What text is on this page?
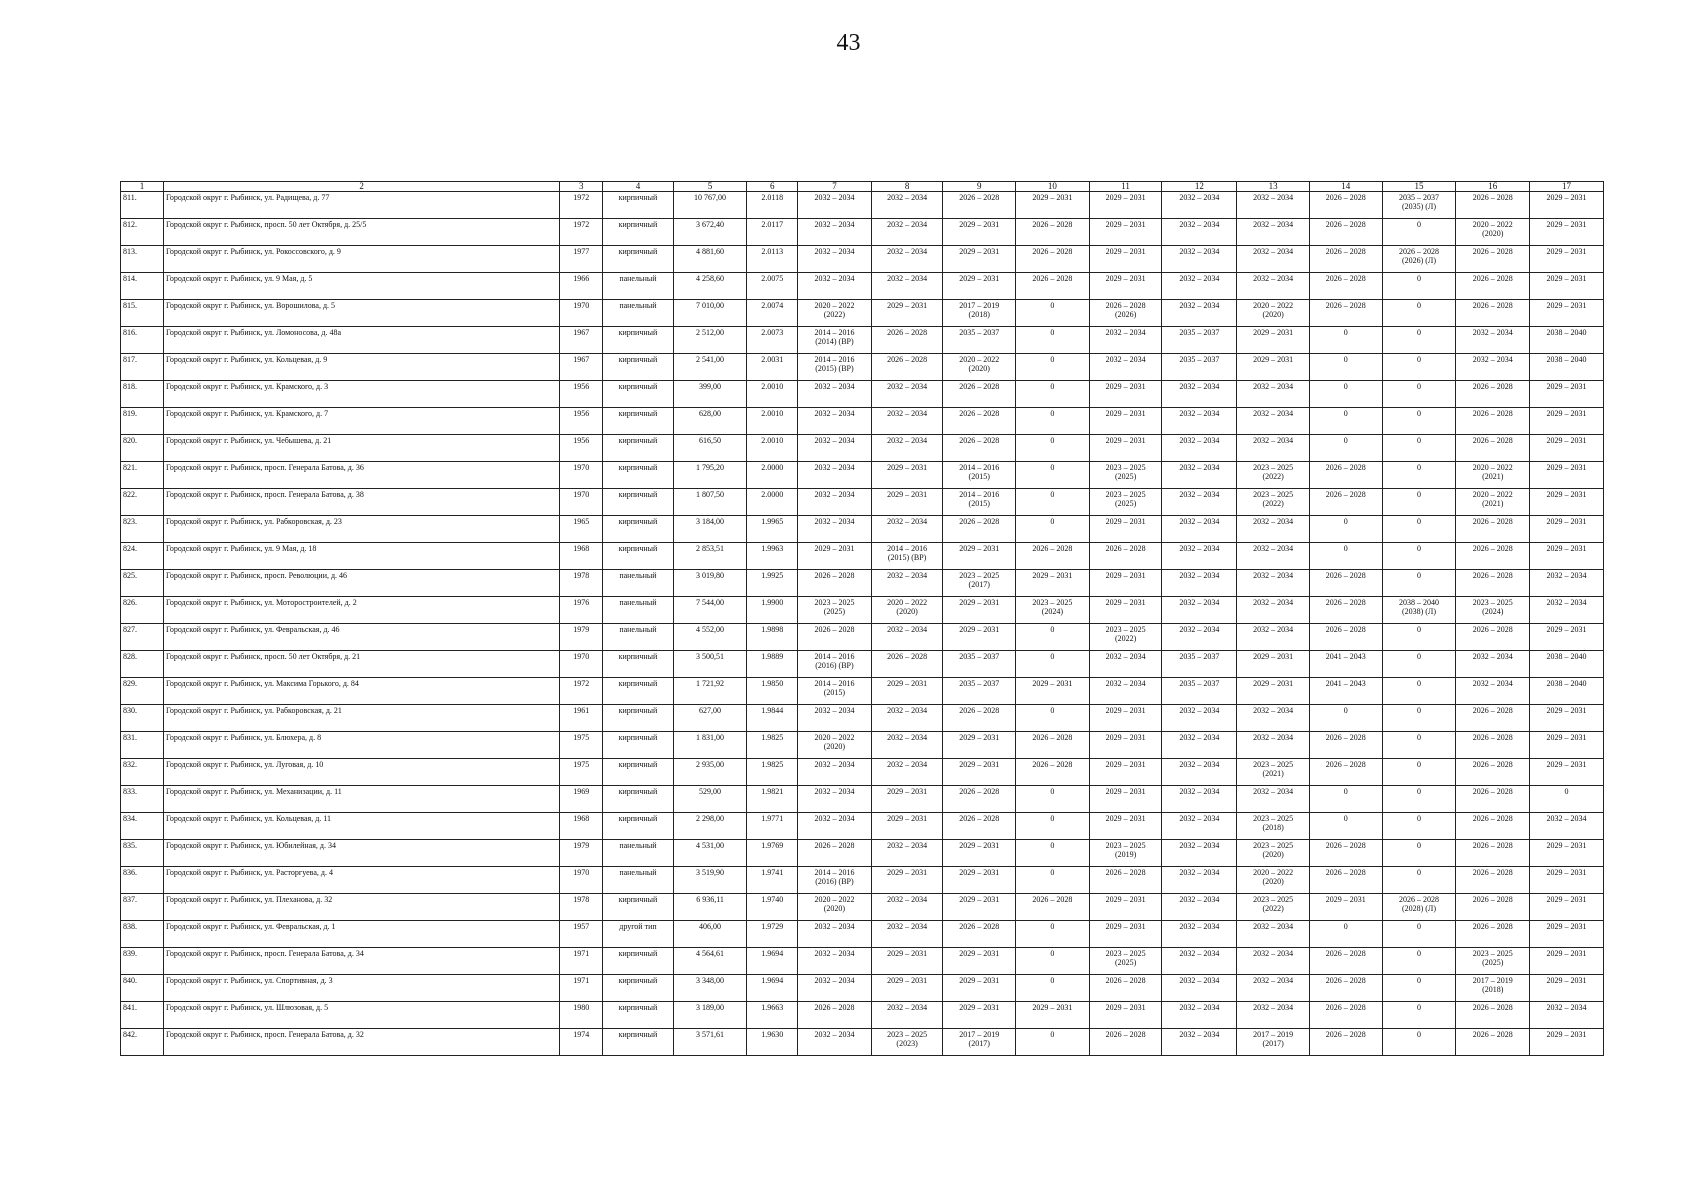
43
1	2	3	4	5	6	7	8	9	10	11	12	13	14	15	16	17
811.	Городской округ г. Рыбинск, ул. Радищева, д. 77	1972	кирпичный	10 767,00	2.0118	2032 – 2034	2032 – 2034	2026 – 2028	2029 – 2031	2029 – 2031	2032 – 2034	2032 – 2034	2026 – 2028	2035 – 2037
(2035) (Л)	2026 – 2028	2029 – 2031
812.	Городской округ г. Рыбинск, просп. 50 лет Октября, д. 25/5	1972	кирпичный	3 672,40	2.0117	2032 – 2034	2032 – 2034	2029 – 2031	2026 – 2028	2029 – 2031	2032 – 2034	2032 – 2034	2026 – 2028	0	2020 – 2022
(2020)	2029 – 2031
813.	Городской округ г. Рыбинск, ул. Рокоссовского, д. 9	1977	кирпичный	4 881,60	2.0113	2032 – 2034	2032 – 2034	2029 – 2031	2026 – 2028	2029 – 2031	2032 – 2034	2032 – 2034	2026 – 2028	2026 – 2028
(2026) (Л)	2026 – 2028	2029 – 2031
814.	Городской округ г. Рыбинск, ул. 9 Мая, д. 5	1966	панельный	4 258,60	2.0075	2032 – 2034	2032 – 2034	2029 – 2031	2026 – 2028	2029 – 2031	2032 – 2034	2032 – 2034	2026 – 2028	0	2026 – 2028	2029 – 2031
815.	Городской округ г. Рыбинск, ул. Ворошилова, д. 5	1970	панельный	7 010,00	2.0074	2020 – 2022
(2022)	2029 – 2031	2017 – 2019
(2018)	0	2026 – 2028
(2026)	2032 – 2034	2020 – 2022
(2020)	2026 – 2028	0	2026 – 2028	2029 – 2031
816.	Городской округ г. Рыбинск, ул. Ломоносова, д. 48а	1967	кирпичный	2 512,00	2.0073	2014 – 2016
(2014) (ВР)	2026 – 2028	2035 – 2037	0	2032 – 2034	2035 – 2037	2029 – 2031	0	0	2032 – 2034	2038 – 2040
817.	Городской округ г. Рыбинск, ул. Кольцевая, д. 9	1967	кирпичный	2 541,00	2.0031	2014 – 2016
(2015) (ВР)	2026 – 2028	2020 – 2022
(2020)	0	2032 – 2034	2035 – 2037	2029 – 2031	0	0	2032 – 2034	2038 – 2040
818.	Городской округ г. Рыбинск, ул. Крамского, д. 3	1956	кирпичный	399,00	2.0010	2032 – 2034	2032 – 2034	2026 – 2028	0	2029 – 2031	2032 – 2034	2032 – 2034	0	0	2026 – 2028	2029 – 2031
819.	Городской округ г. Рыбинск, ул. Крамского, д. 7	1956	кирпичный	628,00	2.0010	2032 – 2034	2032 – 2034	2026 – 2028	0	2029 – 2031	2032 – 2034	2032 – 2034	0	0	2026 – 2028	2029 – 2031
820.	Городской округ г. Рыбинск, ул. Чебышева, д. 21	1956	кирпичный	616,50	2.0010	2032 – 2034	2032 – 2034	2026 – 2028	0	2029 – 2031	2032 – 2034	2032 – 2034	0	0	2026 – 2028	2029 – 2031
821.	Городской округ г. Рыбинск, просп. Генерала Батова, д. 36	1970	кирпичный	1 795,20	2.0000	2032 – 2034	2029 – 2031	2014 – 2016
(2015)	0	2023 – 2025
(2025)	2032 – 2034	2023 – 2025
(2022)	2026 – 2028	0	2020 – 2022
(2021)	2029 – 2031
822.	Городской округ г. Рыбинск, просп. Генерала Батова, д. 38	1970	кирпичный	1 807,50	2.0000	2032 – 2034	2029 – 2031	2014 – 2016
(2015)	0	2023 – 2025
(2025)	2032 – 2034	2023 – 2025
(2022)	2026 – 2028	0	2020 – 2022
(2021)	2029 – 2031
823.	Городской округ г. Рыбинск, ул. Рабкоровская, д. 23	1965	кирпичный	3 184,00	1.9965	2032 – 2034	2032 – 2034	2026 – 2028	0	2029 – 2031	2032 – 2034	2032 – 2034	0	0	2026 – 2028	2029 – 2031
824.	Городской округ г. Рыбинск, ул. 9 Мая, д. 18	1968	кирпичный	2 853,51	1.9963	2029 – 2031	2014 – 2016
(2015) (ВР)	2029 – 2031	2026 – 2028	2026 – 2028	2032 – 2034	2032 – 2034	0	0	2026 – 2028	2029 – 2031
825.	Городской округ г. Рыбинск, просп. Революции, д. 46	1978	панельный	3 019,80	1.9925	2026 – 2028	2032 – 2034	2023 – 2025
(2017)	2029 – 2031	2029 – 2031	2032 – 2034	2032 – 2034	2026 – 2028	0	2026 – 2028	2032 – 2034
826.	Городской округ г. Рыбинск, ул. Моторостроителей, д. 2	1976	панельный	7 544,00	1.9900	2023 – 2025
(2025)	2020 – 2022
(2020)	2029 – 2031	2023 – 2025
(2024)	2029 – 2031	2032 – 2034	2032 – 2034	2026 – 2028	2038 – 2040
(2038) (Л)	2023 – 2025
(2024)	2032 – 2034
827.	Городской округ г. Рыбинск, ул. Февральская, д. 46	1979	панельный	4 552,00	1.9898	2026 – 2028	2032 – 2034	2029 – 2031	0	2023 – 2025
(2022)	2032 – 2034	2032 – 2034	2026 – 2028	0	2026 – 2028	2029 – 2031
828.	Городской округ г. Рыбинск, просп. 50 лет Октября, д. 21	1970	кирпичный	3 500,51	1.9889	2014 – 2016
(2016) (ВР)	2026 – 2028	2035 – 2037	0	2032 – 2034	2035 – 2037	2029 – 2031	2041 – 2043	0	2032 – 2034	2038 – 2040
829.	Городской округ г. Рыбинск, ул. Максима Горького, д. 84	1972	кирпичный	1 721,92	1.9850	2014 – 2016
(2015)	2029 – 2031	2035 – 2037	2029 – 2031	2032 – 2034	2035 – 2037	2029 – 2031	2041 – 2043	0	2032 – 2034	2038 – 2040
830.	Городской округ г. Рыбинск, ул. Рабкоровская, д. 21	1961	кирпичный	627,00	1.9844	2032 – 2034	2032 – 2034	2026 – 2028	0	2029 – 2031	2032 – 2034	2032 – 2034	0	0	2026 – 2028	2029 – 2031
831.	Городской округ г. Рыбинск, ул. Блюхера, д. 8	1975	кирпичный	1 831,00	1.9825	2020 – 2022
(2020)	2032 – 2034	2029 – 2031	2026 – 2028	2029 – 2031	2032 – 2034	2032 – 2034	2026 – 2028	0	2026 – 2028	2029 – 2031
832.	Городской округ г. Рыбинск, ул. Луговая, д. 10	1975	кирпичный	2 935,00	1.9825	2032 – 2034	2032 – 2034	2029 – 2031	2026 – 2028	2029 – 2031	2032 – 2034	2023 – 2025
(2021)	2026 – 2028	0	2026 – 2028	2029 – 2031
833.	Городской округ г. Рыбинск, ул. Механизации, д. 11	1969	кирпичный	529,00	1.9821	2032 – 2034	2029 – 2031	2026 – 2028	0	2029 – 2031	2032 – 2034	2032 – 2034	0	0	2026 – 2028	0
834.	Городской округ г. Рыбинск, ул. Кольцевая, д. 11	1968	кирпичный	2 298,00	1.9771	2032 – 2034	2029 – 2031	2026 – 2028	0	2029 – 2031	2032 – 2034	2023 – 2025
(2018)	0	0	2026 – 2028	2032 – 2034
835.	Городской округ г. Рыбинск, ул. Юбилейная, д. 34	1979	панельный	4 531,00	1.9769	2026 – 2028	2032 – 2034	2029 – 2031	0	2023 – 2025
(2019)	2032 – 2034	2023 – 2025
(2020)	2026 – 2028	0	2026 – 2028	2029 – 2031
836.	Городской округ г. Рыбинск, ул. Расторгуева, д. 4	1970	панельный	3 519,90	1.9741	2014 – 2016
(2016) (ВР)	2029 – 2031	2029 – 2031	0	2026 – 2028	2032 – 2034	2020 – 2022
(2020)	2026 – 2028	0	2026 – 2028	2029 – 2031
837.	Городской округ г. Рыбинск, ул. Плеханова, д. 32	1978	кирпичный	6 936,11	1.9740	2020 – 2022
(2020)	2032 – 2034	2029 – 2031	2026 – 2028	2029 – 2031	2032 – 2034	2023 – 2025
(2022)	2029 – 2031	2026 – 2028
(2028) (Л)	2026 – 2028	2029 – 2031
838.	Городской округ г. Рыбинск, ул. Февральская, д. 1	1957	другой тип	406,00	1.9729	2032 – 2034	2032 – 2034	2026 – 2028	0	2029 – 2031	2032 – 2034	2032 – 2034	0	0	2026 – 2028	2029 – 2031
839.	Городской округ г. Рыбинск, просп. Генерала Батова, д. 34	1971	кирпичный	4 564,61	1.9694	2032 – 2034	2029 – 2031	2029 – 2031	0	2023 – 2025
(2025)	2032 – 2034	2032 – 2034	2026 – 2028	0	2023 – 2025
(2025)	2029 – 2031
840.	Городской округ г. Рыбинск, ул. Спортивная, д. 3	1971	кирпичный	3 348,00	1.9694	2032 – 2034	2029 – 2031	2029 – 2031	0	2026 – 2028	2032 – 2034	2032 – 2034	2026 – 2028	0	2017 – 2019
(2018)	2029 – 2031
841.	Городской округ г. Рыбинск, ул. Шлюзовая, д. 5	1980	кирпичный	3 189,00	1.9663	2026 – 2028	2032 – 2034	2029 – 2031	2029 – 2031	2029 – 2031	2032 – 2034	2032 – 2034	2026 – 2028	0	2026 – 2028	2032 – 2034
842.	Городской округ г. Рыбинск, просп. Генерала Батова, д. 32	1974	кирпичный	3 571,61	1.9630	2032 – 2034	2023 – 2025
(2023)	2017 – 2019
(2017)	0	2026 – 2028	2032 – 2034	2017 – 2019
(2017)	2026 – 2028	0	2026 – 2028	2029 – 2031
